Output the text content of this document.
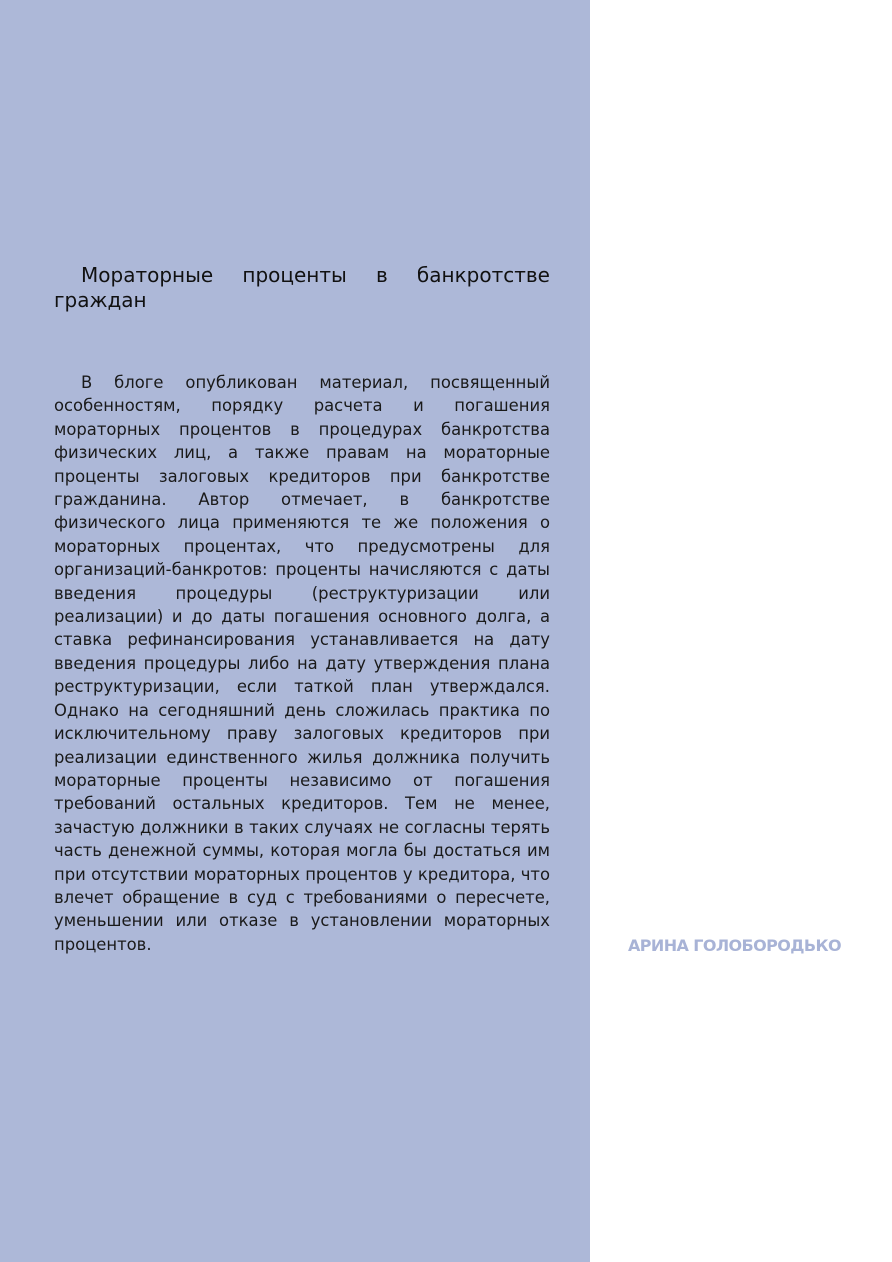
Мораторные проценты в банкротстве граждан

В блоге опубликован материал, посвященный особенностям, порядку расчета и погашения мораторных процентов в процедурах банкротства физических лиц, а также правам на мораторные проценты залоговых кредиторов при банкротстве гражданина. Автор отмечает, в банкротстве физического лица применяются те же положения о мораторных процентах, что предусмотрены для организаций-банкротов: проценты начисляются с даты введения процедуры (реструктуризации или реализации) и до даты погашения основного долга, а ставка рефинансирования устанавливается на дату введения процедуры либо на дату утверждения плана реструктуризации, если таткой план утверждался. Однако на сегодняшний день сложилась практика по исключительному праву залоговых кредиторов при реализации единственного жилья должника получить мораторные проценты независимо от погашения требований остальных кредиторов. Тем не менее, зачастую должники в таких случаях не согласны терять часть денежной суммы, которая могла бы достаться им при отсутствии мораторных процентов у кредитора, что влечет обращение в суд с требованиями о пересчете, уменьшении или отказе в установлении мораторных процентов.	АРИНА ГОЛОБОРОДЬКО
